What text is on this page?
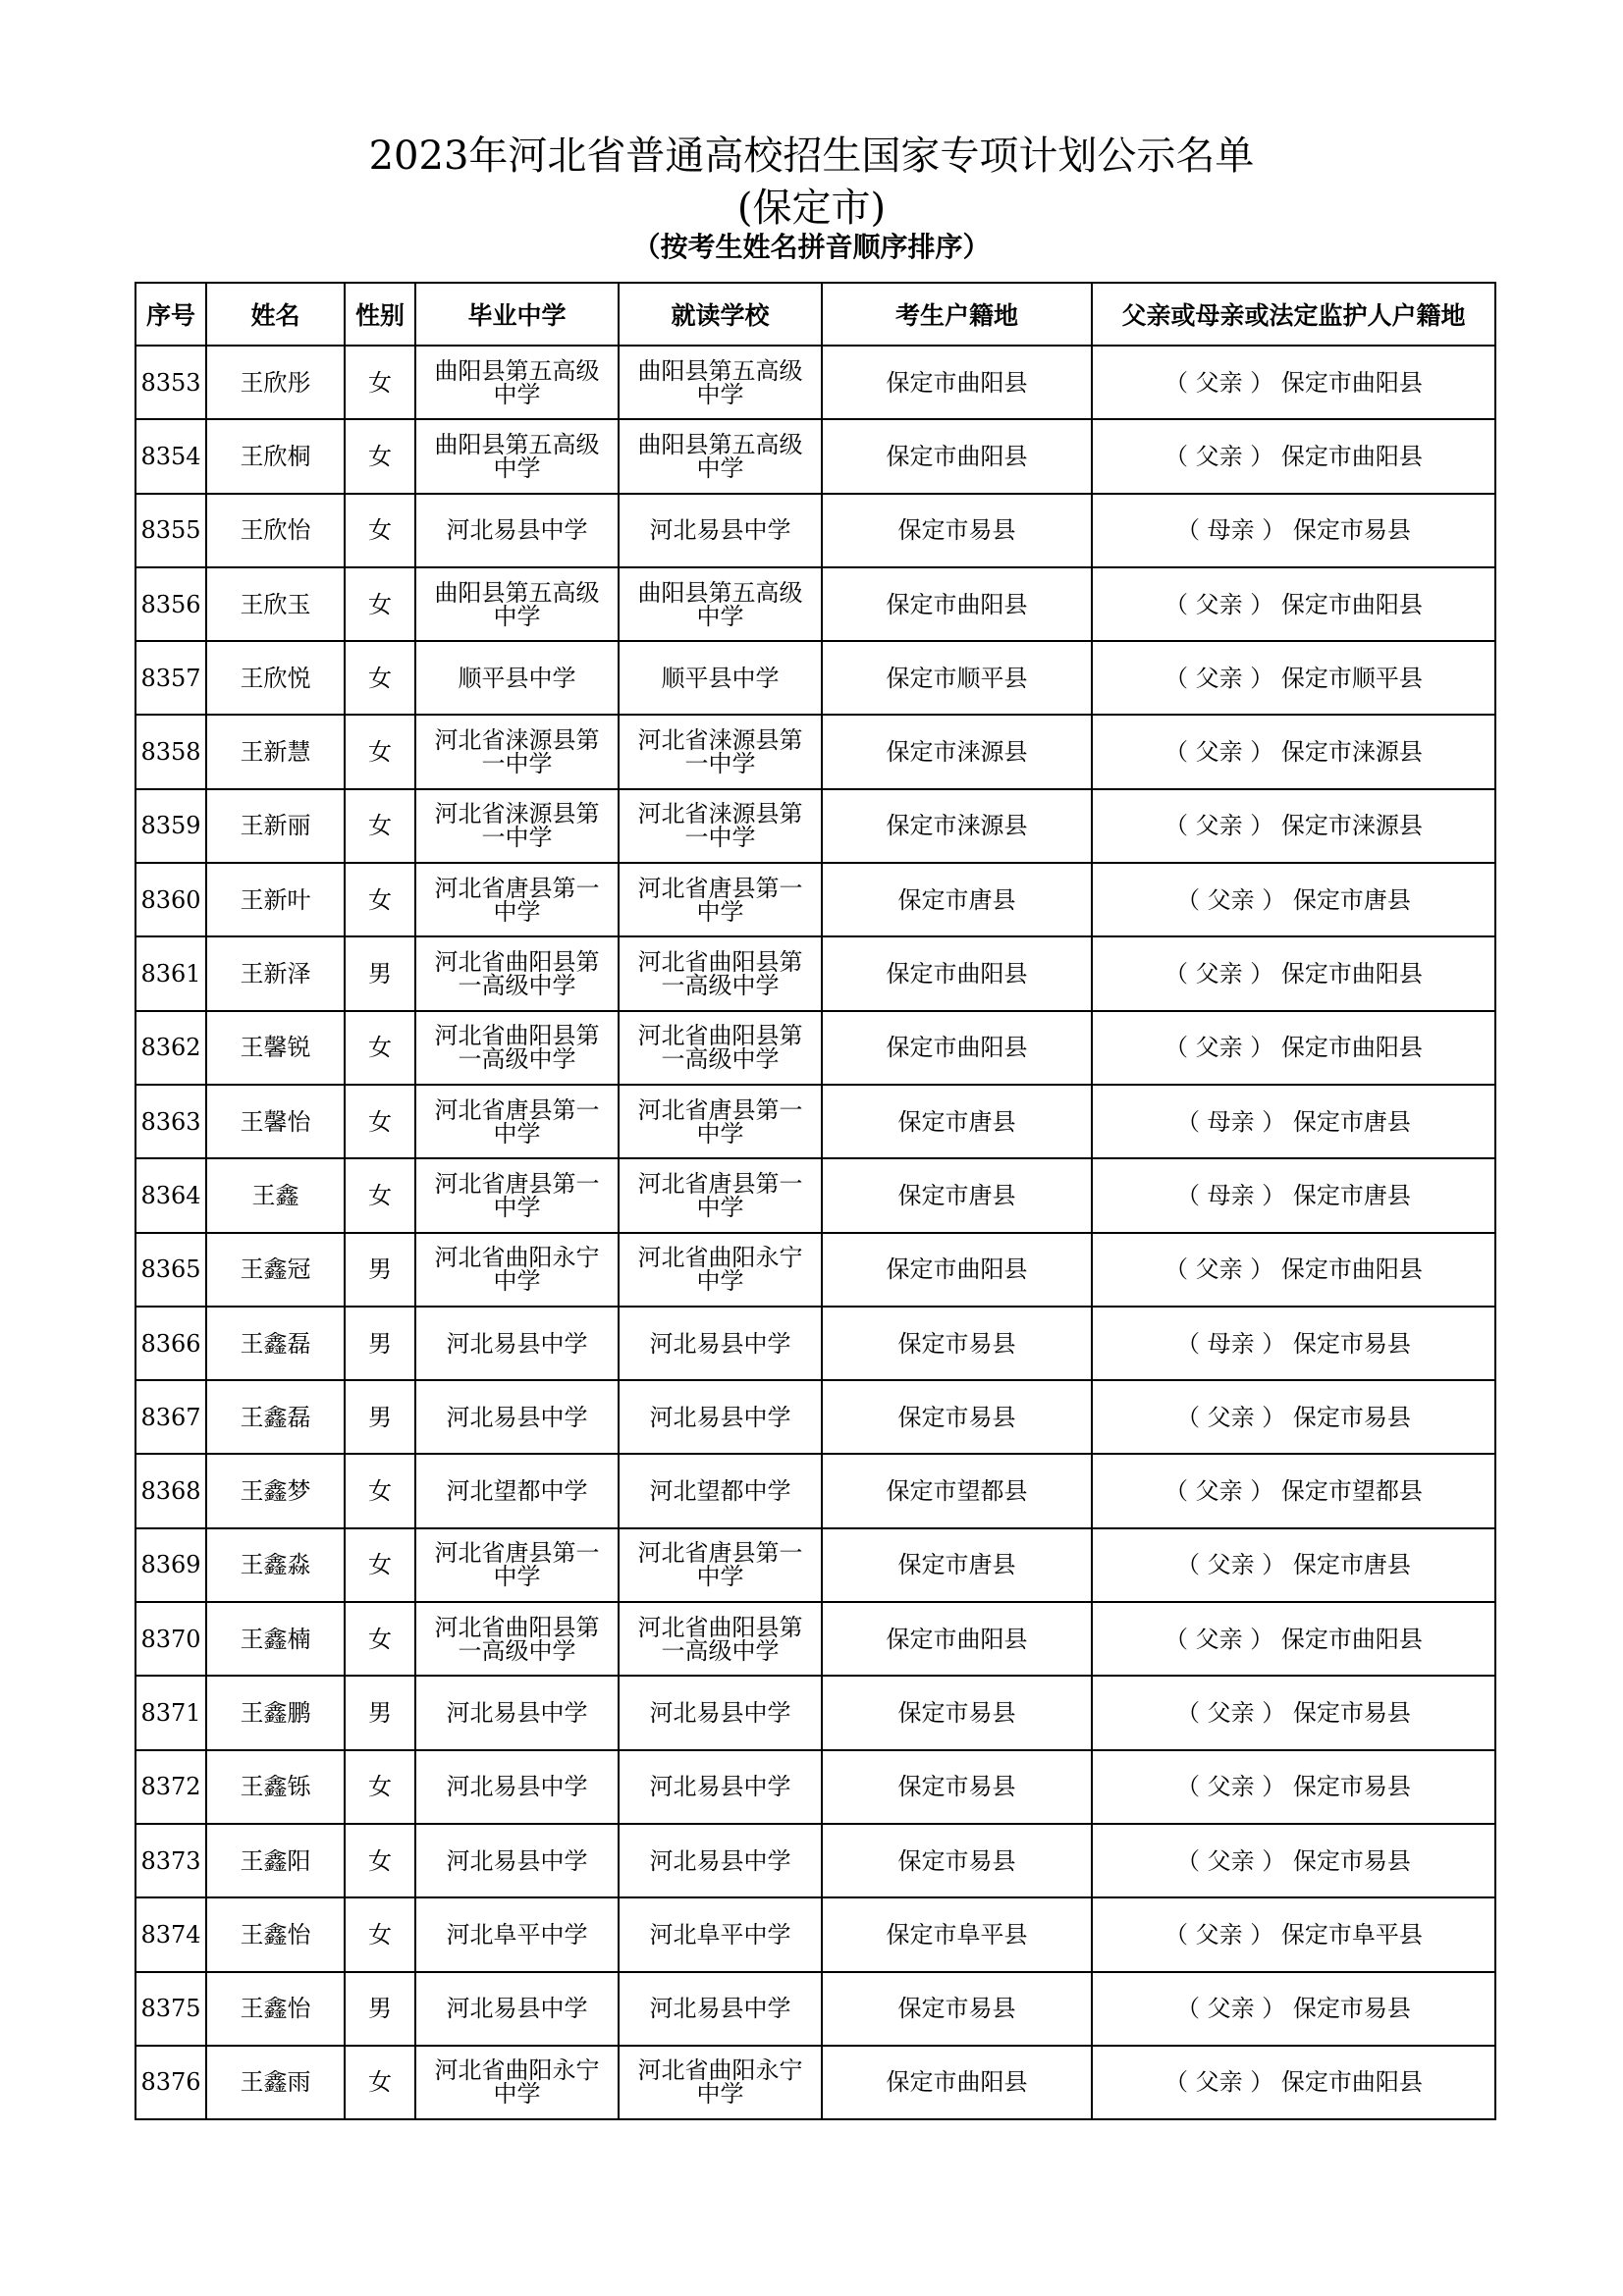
2023年河北省普通高校招生国家专项计划公示名单
(保定市)
（按考生姓名拼音顺序排序）
序号	姓名	性别	毕业中学	就读学校	考生户籍地	父亲或母亲或法定监护人户籍地
8353	王欣彤	女	曲阳县第五高级中学	曲阳县第五高级中学	保定市曲阳县	（ 父亲 ） 保定市曲阳县
8354	王欣桐	女	曲阳县第五高级中学	曲阳县第五高级中学	保定市曲阳县	（ 父亲 ） 保定市曲阳县
8355	王欣怡	女	河北易县中学	河北易县中学	保定市易县	（ 母亲 ） 保定市易县
8356	王欣玉	女	曲阳县第五高级中学	曲阳县第五高级中学	保定市曲阳县	（ 父亲 ） 保定市曲阳县
8357	王欣悦	女	顺平县中学	顺平县中学	保定市顺平县	（ 父亲 ） 保定市顺平县
8358	王新慧	女	河北省涞源县第一中学	河北省涞源县第一中学	保定市涞源县	（ 父亲 ） 保定市涞源县
8359	王新丽	女	河北省涞源县第一中学	河北省涞源县第一中学	保定市涞源县	（ 父亲 ） 保定市涞源县
8360	王新叶	女	河北省唐县第一中学	河北省唐县第一中学	保定市唐县	（ 父亲 ） 保定市唐县
8361	王新泽	男	河北省曲阳县第一高级中学	河北省曲阳县第一高级中学	保定市曲阳县	（ 父亲 ） 保定市曲阳县
8362	王馨锐	女	河北省曲阳县第一高级中学	河北省曲阳县第一高级中学	保定市曲阳县	（ 父亲 ） 保定市曲阳县
8363	王馨怡	女	河北省唐县第一中学	河北省唐县第一中学	保定市唐县	（ 母亲 ） 保定市唐县
8364	王鑫	女	河北省唐县第一中学	河北省唐县第一中学	保定市唐县	（ 母亲 ） 保定市唐县
8365	王鑫冠	男	河北省曲阳永宁中学	河北省曲阳永宁中学	保定市曲阳县	（ 父亲 ） 保定市曲阳县
8366	王鑫磊	男	河北易县中学	河北易县中学	保定市易县	（ 母亲 ） 保定市易县
8367	王鑫磊	男	河北易县中学	河北易县中学	保定市易县	（ 父亲 ） 保定市易县
8368	王鑫梦	女	河北望都中学	河北望都中学	保定市望都县	（ 父亲 ） 保定市望都县
8369	王鑫淼	女	河北省唐县第一中学	河北省唐县第一中学	保定市唐县	（ 父亲 ） 保定市唐县
8370	王鑫楠	女	河北省曲阳县第一高级中学	河北省曲阳县第一高级中学	保定市曲阳县	（ 父亲 ） 保定市曲阳县
8371	王鑫鹏	男	河北易县中学	河北易县中学	保定市易县	（ 父亲 ） 保定市易县
8372	王鑫铄	女	河北易县中学	河北易县中学	保定市易县	（ 父亲 ） 保定市易县
8373	王鑫阳	女	河北易县中学	河北易县中学	保定市易县	（ 父亲 ） 保定市易县
8374	王鑫怡	女	河北阜平中学	河北阜平中学	保定市阜平县	（ 父亲 ） 保定市阜平县
8375	王鑫怡	男	河北易县中学	河北易县中学	保定市易县	（ 父亲 ） 保定市易县
8376	王鑫雨	女	河北省曲阳永宁中学	河北省曲阳永宁中学	保定市曲阳县	（ 父亲 ） 保定市曲阳县
